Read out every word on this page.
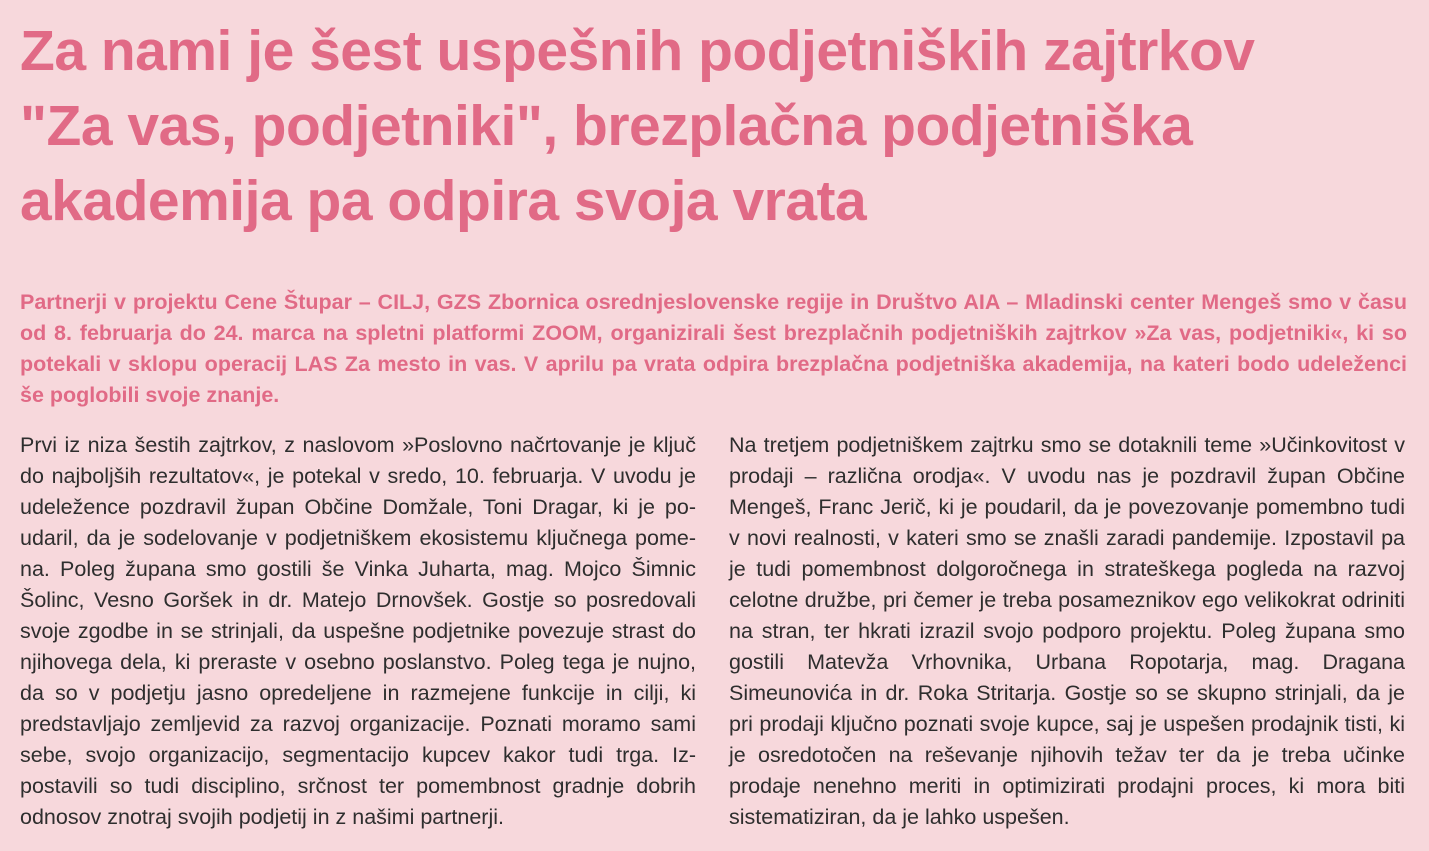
Za nami je šest uspešnih podjetniških zajtrkov
"Za vas, podjetniki", brezplačna podjetniška
akademija pa odpira svoja vrata

Partnerji v projektu Cene Štupar – CILJ, GZS Zbornica osrednjeslovenske regije in Društvo AIA – Mladinski center Mengeš smo v času od 8. februarja do 24. marca na spletni platformi ZOOM, organizirali šest brezplačnih podjetniških zajtrkov »Za vas, podjetniki«, ki so potekali v sklopu operacij LAS Za mesto in vas. V aprilu pa vrata odpira brezplačna podjetniška akademija, na kateri bodo udeleženci še poglobili svoje znanje.

Prvi iz niza šestih zajtrkov, z naslovom »Poslovno načrtovanje je ključ do najboljših rezultatov«, je potekal v sredo, 10. februarja. V uvodu je udeležence pozdravil župan Občine Domžale, Toni Dragar, ki je poudaril, da je sodelovanje v podjetniškem ekosistemu ključnega pomena. Poleg župana smo gostili še Vinka Juharta, mag. Mojco Šimnic Šolinc, Vesno Goršek in dr. Matejo Drnovšek. Gostje so posredovali svoje zgodbe in se strinjali, da uspešne podjetnike povezuje strast do njihovega dela, ki preraste v osebno poslanstvo. Poleg tega je nujno, da so v podjetju jasno opredeljene in razmejene funkcije in cilji, ki predstavljajo zemljevid za razvoj organizacije. Poznati moramo sami sebe, svojo organizacijo, segmentacijo kupcev kakor tudi trga. Izpostavili so tudi disciplino, srčnost ter pomembnost gradnje dobrih odnosov znotraj svojih podjetij in z našimi partnerji.

Na tretjem podjetniškem zajtrku smo se dotaknili teme »Učinkovitost v prodaji – različna orodja«. V uvodu nas je pozdravil župan Občine Mengeš, Franc Jerič, ki je poudaril, da je povezovanje pomembno tudi v novi realnosti, v kateri smo se znašli zaradi pandemije. Izpostavil pa je tudi pomembnost dolgoročnega in strateškega pogleda na razvoj celotne družbe, pri čemer je treba posameznikov ego velikokrat odriniti na stran, ter hkrati izrazil svojo podporo projektu. Poleg župana smo gostili Matevža Vrhovnika, Urbana Ropotarja, mag. Dragana Simeunovića in dr. Roka Stritarja. Gostje so se skupno strinjali, da je pri prodaji ključno poznati svoje kupce, saj je uspešen prodajnik tisti, ki je osredotočen na reševanje njihovih težav ter da je treba učinke prodaje nenehno meriti in optimizirati prodajni proces, ki mora biti sistematiziran, da je lahko uspešen.
